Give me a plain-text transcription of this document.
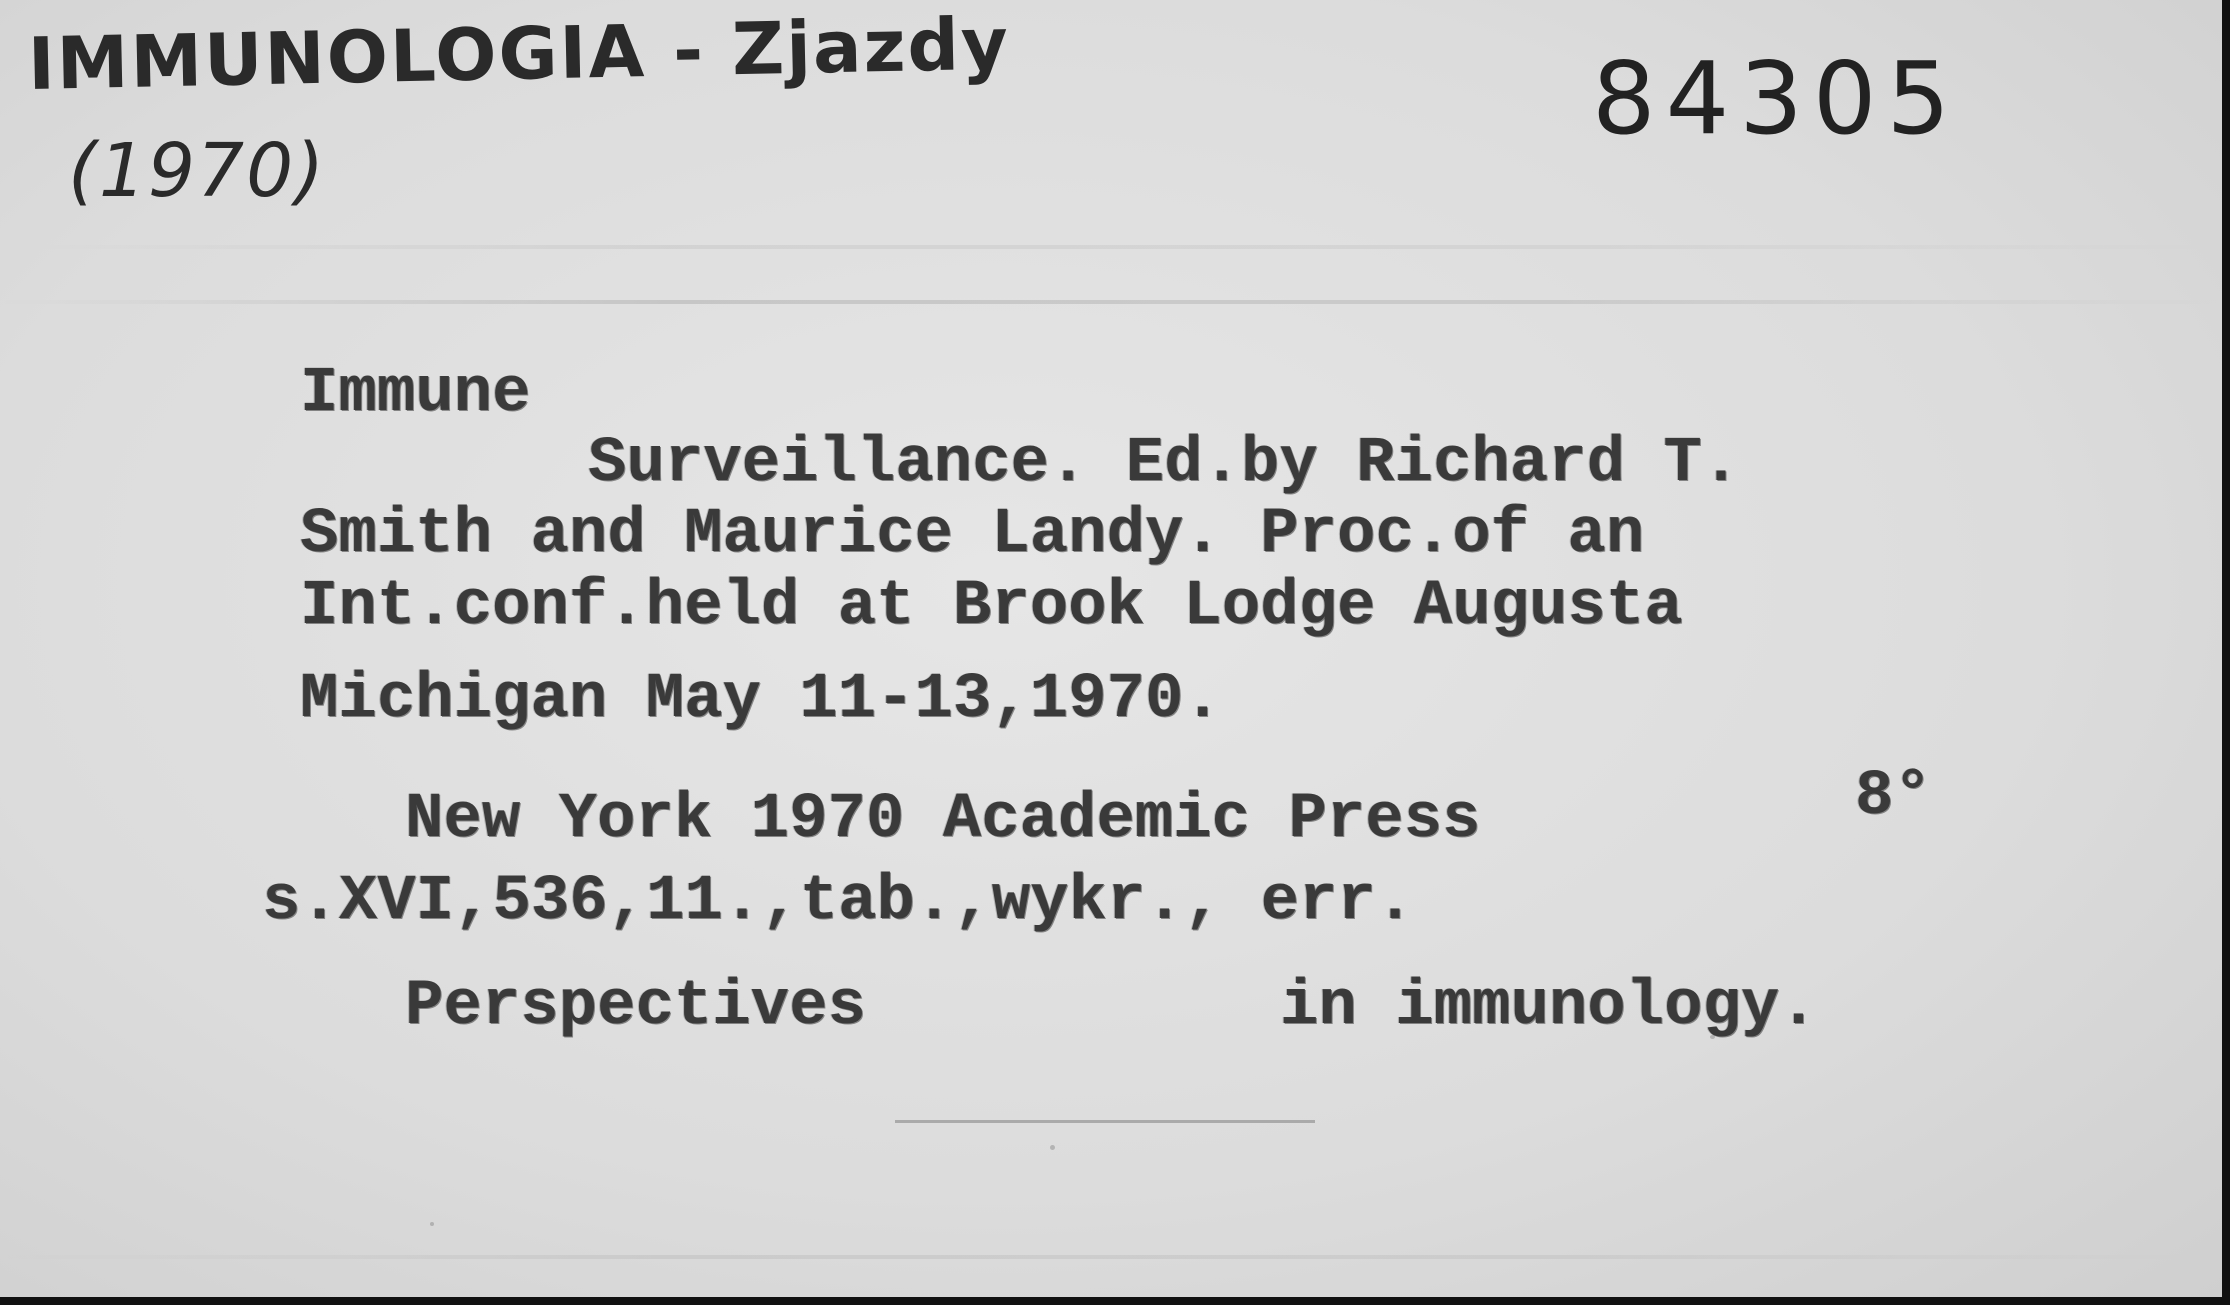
IMMUNOLOGIA - Zjazdy
(1970)
84305
Immune
Surveillance. Ed.by Richard T.
Smith and Maurice Landy. Proc.of an
Int.conf.held at Brook Lodge Augusta
Michigan May 11-13,1970.
New York 1970 Academic Press	8°
s.XVI,536,11.,tab.,wykr., err.
Perspectives	in immunology.
